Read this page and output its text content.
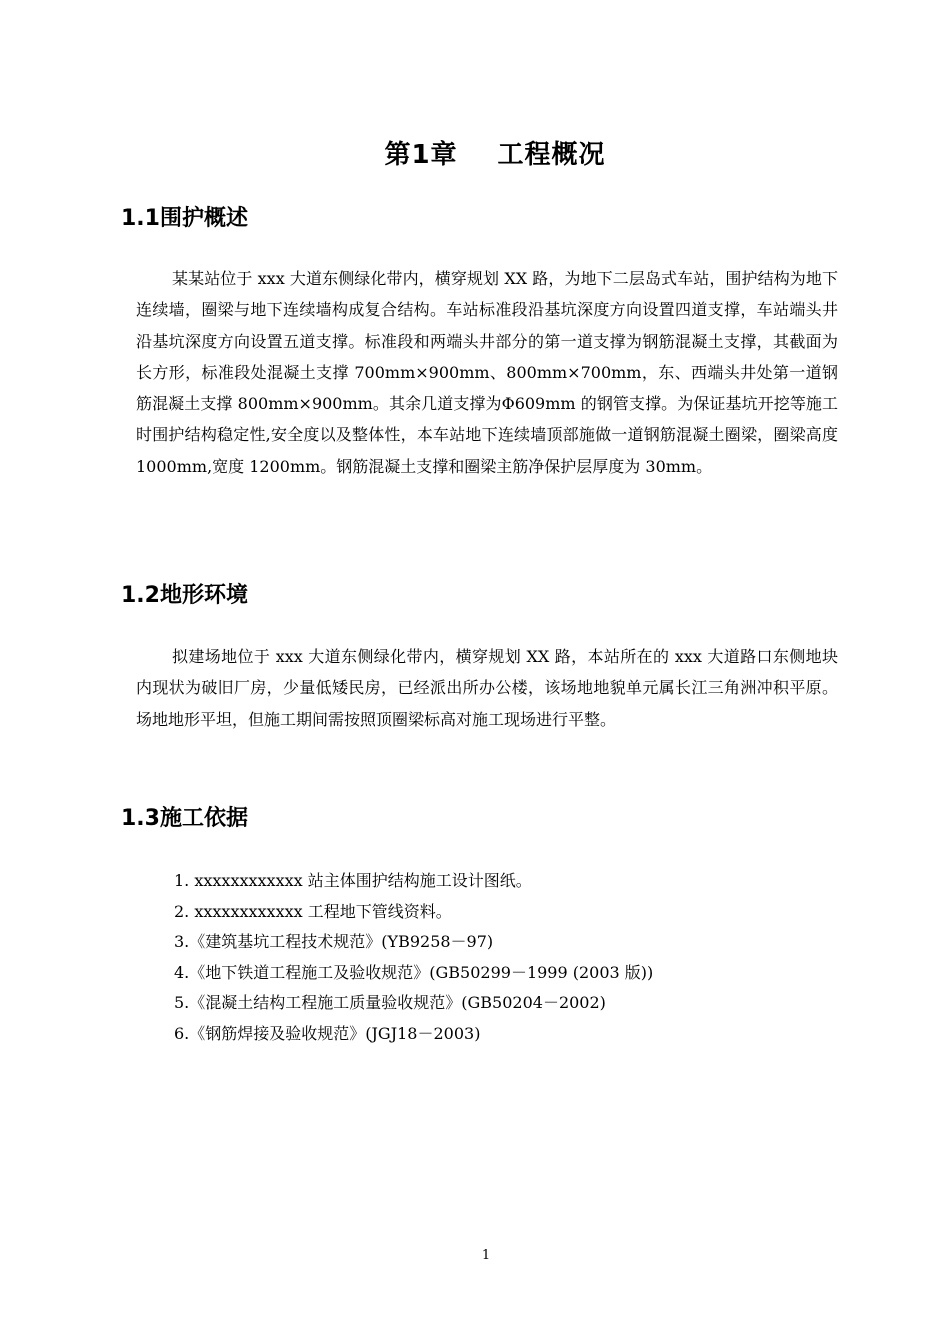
第1章 工程概况
1.1围护概述

某某站位于 xxx 大道东侧绿化带内，横穿规划 XX 路，为地下二层岛式车站，围护结构为地下连续墙，圈梁与地下连续墙构成复合结构。车站标准段沿基坑深度方向设置四道支撑，车站端头井沿基坑深度方向设置五道支撑。标准段和两端头井部分的第一道支撑为钢筋混凝土支撑，其截面为长方形，标准段处混凝土支撑 700mm×900mm、800mm×700mm，东、西端头井处第一道钢筋混凝土支撑 800mm×900mm。其余几道支撑为Φ609mm 的钢管支撑。为保证基坑开挖等施工时围护结构稳定性,安全度以及整体性，本车站地下连续墙顶部施做一道钢筋混凝土圈梁，圈梁高度 1000mm,宽度 1200mm。钢筋混凝土支撑和圈梁主筋净保护层厚度为 30mm。

1.2地形环境

拟建场地位于 xxx 大道东侧绿化带内，横穿规划 XX 路，本站所在的 xxx 大道路口东侧地块内现状为破旧厂房，少量低矮民房，已经派出所办公楼，该场地地貌单元属长江三角洲冲积平原。场地地形平坦，但施工期间需按照顶圈梁标高对施工现场进行平整。

1.3施工依据
1. xxxxxxxxxxxx 站主体围护结构施工设计图纸。
2. xxxxxxxxxxxx 工程地下管线资料。
3.《建筑基坑工程技术规范》(YB9258－97)
4.《地下铁道工程施工及验收规范》(GB50299－1999 (2003 版))
5.《混凝土结构工程施工质量验收规范》(GB50204－2002)
6.《钢筋焊接及验收规范》(JGJ18－2003)
1
